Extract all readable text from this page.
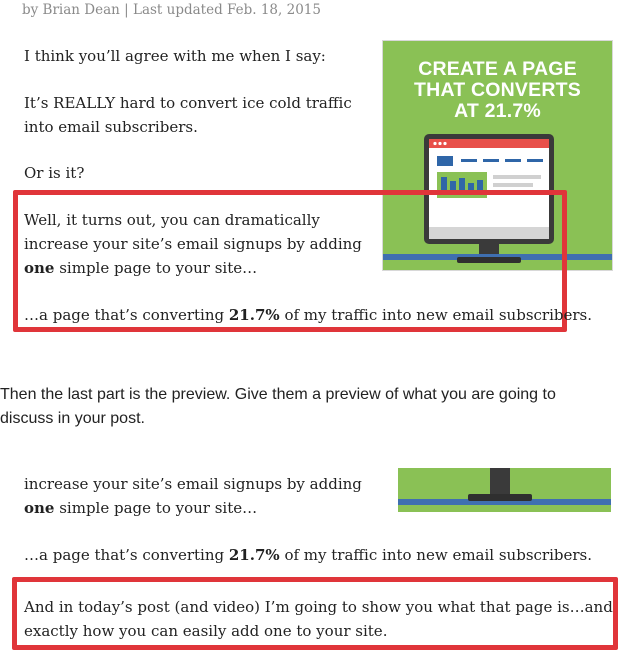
by Brian Dean | Last updated Feb. 18, 2015
I think you’ll agree with me when I say:
It’s REALLY hard to convert ice cold traffic
into email subscribers.
Or is it?
CREATE A PAGE
THAT CONVERTS
AT 21.7%
Well, it turns out, you can dramatically
increase your site’s email signups by adding
one simple page to your site…
…a page that’s converting 21.7% of my traffic into new email subscribers.
Then the last part is the preview. Give them a preview of what you are going to
discuss in your post.
increase your site’s email signups by adding
one simple page to your site…
…a page that’s converting 21.7% of my traffic into new email subscribers.
And in today’s post (and video) I’m going to show you what that page is…and
exactly how you can easily add one to your site.
